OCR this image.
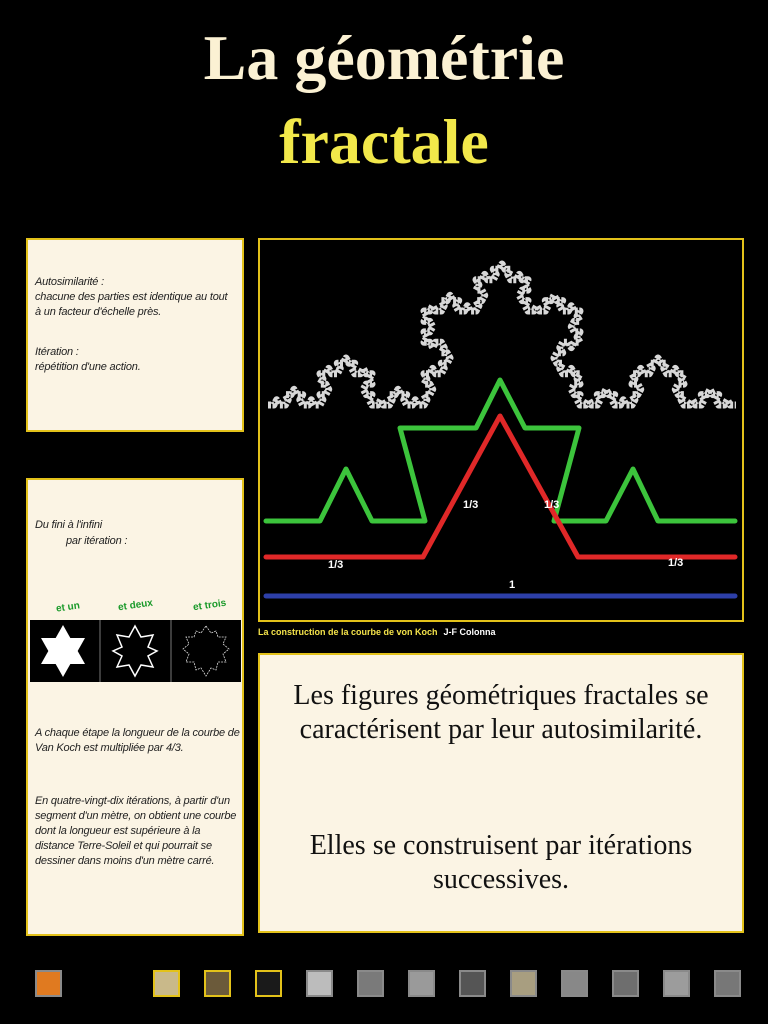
La géométrie
fractale
Autosimilarité :
chacune des parties est identique au tout à un facteur d'échelle près.
Itération :
répétition d'une action.
Du fini à l'infini
par itération :
et un	et deux	et trois
A chaque étape la longueur de la courbe de Van Koch est multipliée par 4/3.
En quatre-vingt-dix itérations, à partir d'un segment d'un mètre, on obtient une courbe dont la longueur est supérieure à la distance Terre-Soleil et qui pourrait se dessiner dans moins d'un mètre carré.
1/3
1/3	1/3
1/3
1
La construction de la courbe de von Koch J-F Colonna
Les figures géométriques fractales se caractérisent par leur autosimilarité.
Elles se construisent par itérations successives.
